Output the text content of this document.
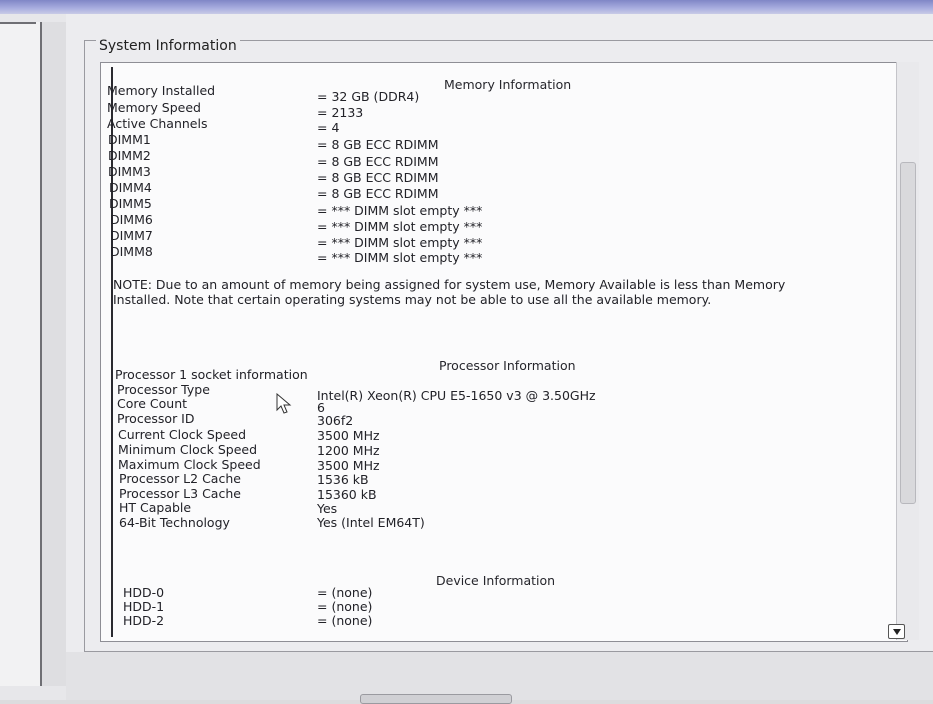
System Information
Memory Information
Memory Installed	= 32 GB (DDR4)
Memory Speed	= 2133
Active Channels	= 4
DIMM1	= 8 GB ECC RDIMM
DIMM2	= 8 GB ECC RDIMM
DIMM3	= 8 GB ECC RDIMM
DIMM4	= 8 GB ECC RDIMM
DIMM5	= *** DIMM slot empty ***
DIMM6	= *** DIMM slot empty ***
DIMM7	= *** DIMM slot empty ***
DIMM8	= *** DIMM slot empty ***
NOTE: Due to an amount of memory being assigned for system use, Memory Available is less than Memory Installed. Note that certain operating systems may not be able to use all the available memory.
Processor Information
Processor 1 socket information
Processor Type	Intel(R) Xeon(R) CPU E5-1650 v3 @ 3.50GHz
Core Count	6
Processor ID	306f2
Current Clock Speed	3500 MHz
Minimum Clock Speed	1200 MHz
Maximum Clock Speed	3500 MHz
Processor L2 Cache	1536 kB
Processor L3 Cache	15360 kB
HT Capable	Yes
64-Bit Technology	Yes (Intel EM64T)
Device Information
HDD-0	= (none)
HDD-1	= (none)
HDD-2	= (none)
